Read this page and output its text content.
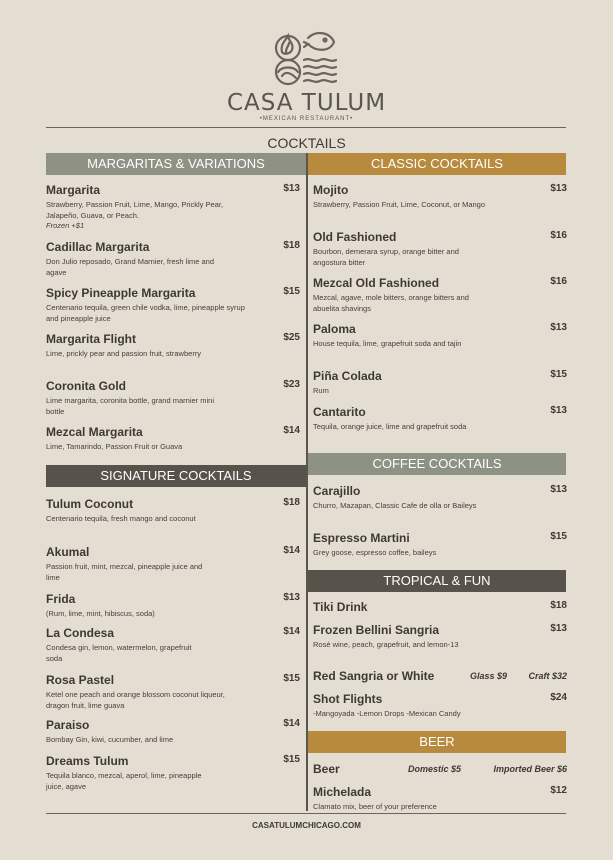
CASA TULUM
•MEXICAN RESTAURANT•
COCKTAILS
MARGARITAS & VARIATIONS
Margarita	$13
Strawberry, Passion Fruit, Lime, Mango, Prickly Pear, Jalapeño, Guava, or Peach.
Frozen +$1
Cadillac Margarita	$18
Don Julio reposado, Grand Marnier, fresh lime and agave
Spicy Pineapple Margarita	$15
Centenario tequila, green chile vodka, lime, pineapple syrup and pineapple juice
Margarita Flight	$25
Lime, prickly pear and passion fruit, strawberry
Coronita Gold	$23
Lime margarita, coronita bottle, grand marnier mini bottle
Mezcal Margarita	$14
Lime, Tamarindo, Passion Fruit or Guava
SIGNATURE COCKTAILS
Tulum Coconut	$18
Centenario tequila, fresh mango and coconut
Akumal	$14
Passion fruit, mint, mezcal, pineapple juice and lime
Frida	$13
(Rum, lime, mint, hibiscus, soda)
La Condesa	$14
Condesa gin, lemon, watermelon, grapefruit soda
Rosa Pastel	$15
Ketel one peach and orange blossom coconut liqueur, dragon fruit, lime guava
Paraiso	$14
Bombay Gin, kiwi, cucumber, and lime
Dreams Tulum	$15
Tequila blanco, mezcal, aperol, lime, pineapple juice, agave
CLASSIC COCKTAILS
Mojito	$13
Strawberry, Passion Fruit, Lime, Coconut, or Mango
Old Fashioned	$16
Bourbon, demerara syrup, orange bitter and angostura bitter
Mezcal Old Fashioned	$16
Mezcal, agave, mole bitters, orange bitters and abuelita shavings
Paloma	$13
House tequila, lime, grapefruit soda and tajin
Piña Colada	$15
Rum
Cantarito	$13
Tequila, orange juice, lime and grapefruit soda
COFFEE COCKTAILS
Carajillo	$13
Churro, Mazapan, Classic Cafe de olla or Baileys
Espresso Martini	$15
Grey goose, espresso coffee, baileys
TROPICAL & FUN
Tiki Drink	$18
Frozen Bellini Sangria	$13
Rosé wine, peach, grapefruit, and lemon-13
Red Sangria or White	Glass $9 Craft $32
Shot Flights	$24
-Mangoyada -Lemon Drops -Mexican Candy
BEER
Beer	Domestic $5	Imported Beer $6
Michelada	$12
Clamato mix, beer of your preference
CASATULUMCHICAGO.COM
